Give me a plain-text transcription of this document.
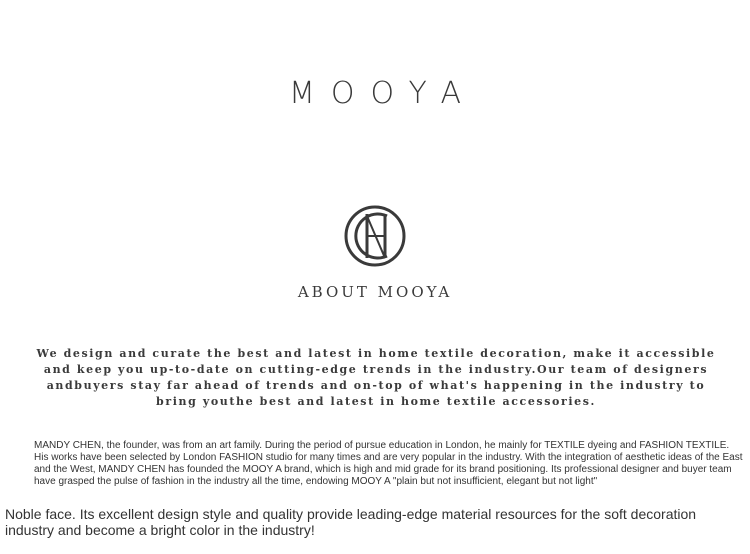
MOOYA
ABOUT MOOYA
We design and curate the best and latest in home textile decoration, make it accessible and keep you up-to-date on cutting-edge trends in the industry.Our team of designers andbuyers stay far ahead of trends and on-top of what's happening in the industry to bring youthe best and latest in home textile accessories.
MANDY CHEN, the founder, was from an art family. During the period of pursue education in London, he mainly for TEXTILE dyeing and FASHION TEXTILE. His works have been selected by London FASHION studio for many times and are very popular in the industry. With the integration of aesthetic ideas of the East and the West, MANDY CHEN has founded the MOOY A brand, which is high and mid grade for its brand positioning. Its professional designer and buyer team have grasped the pulse of fashion in the industry all the time, endowing MOOY A "plain but not insufficient, elegant but not light"
Noble face. Its excellent design style and quality provide leading-edge material resources for the soft decoration industry and become a bright color in the industry!
